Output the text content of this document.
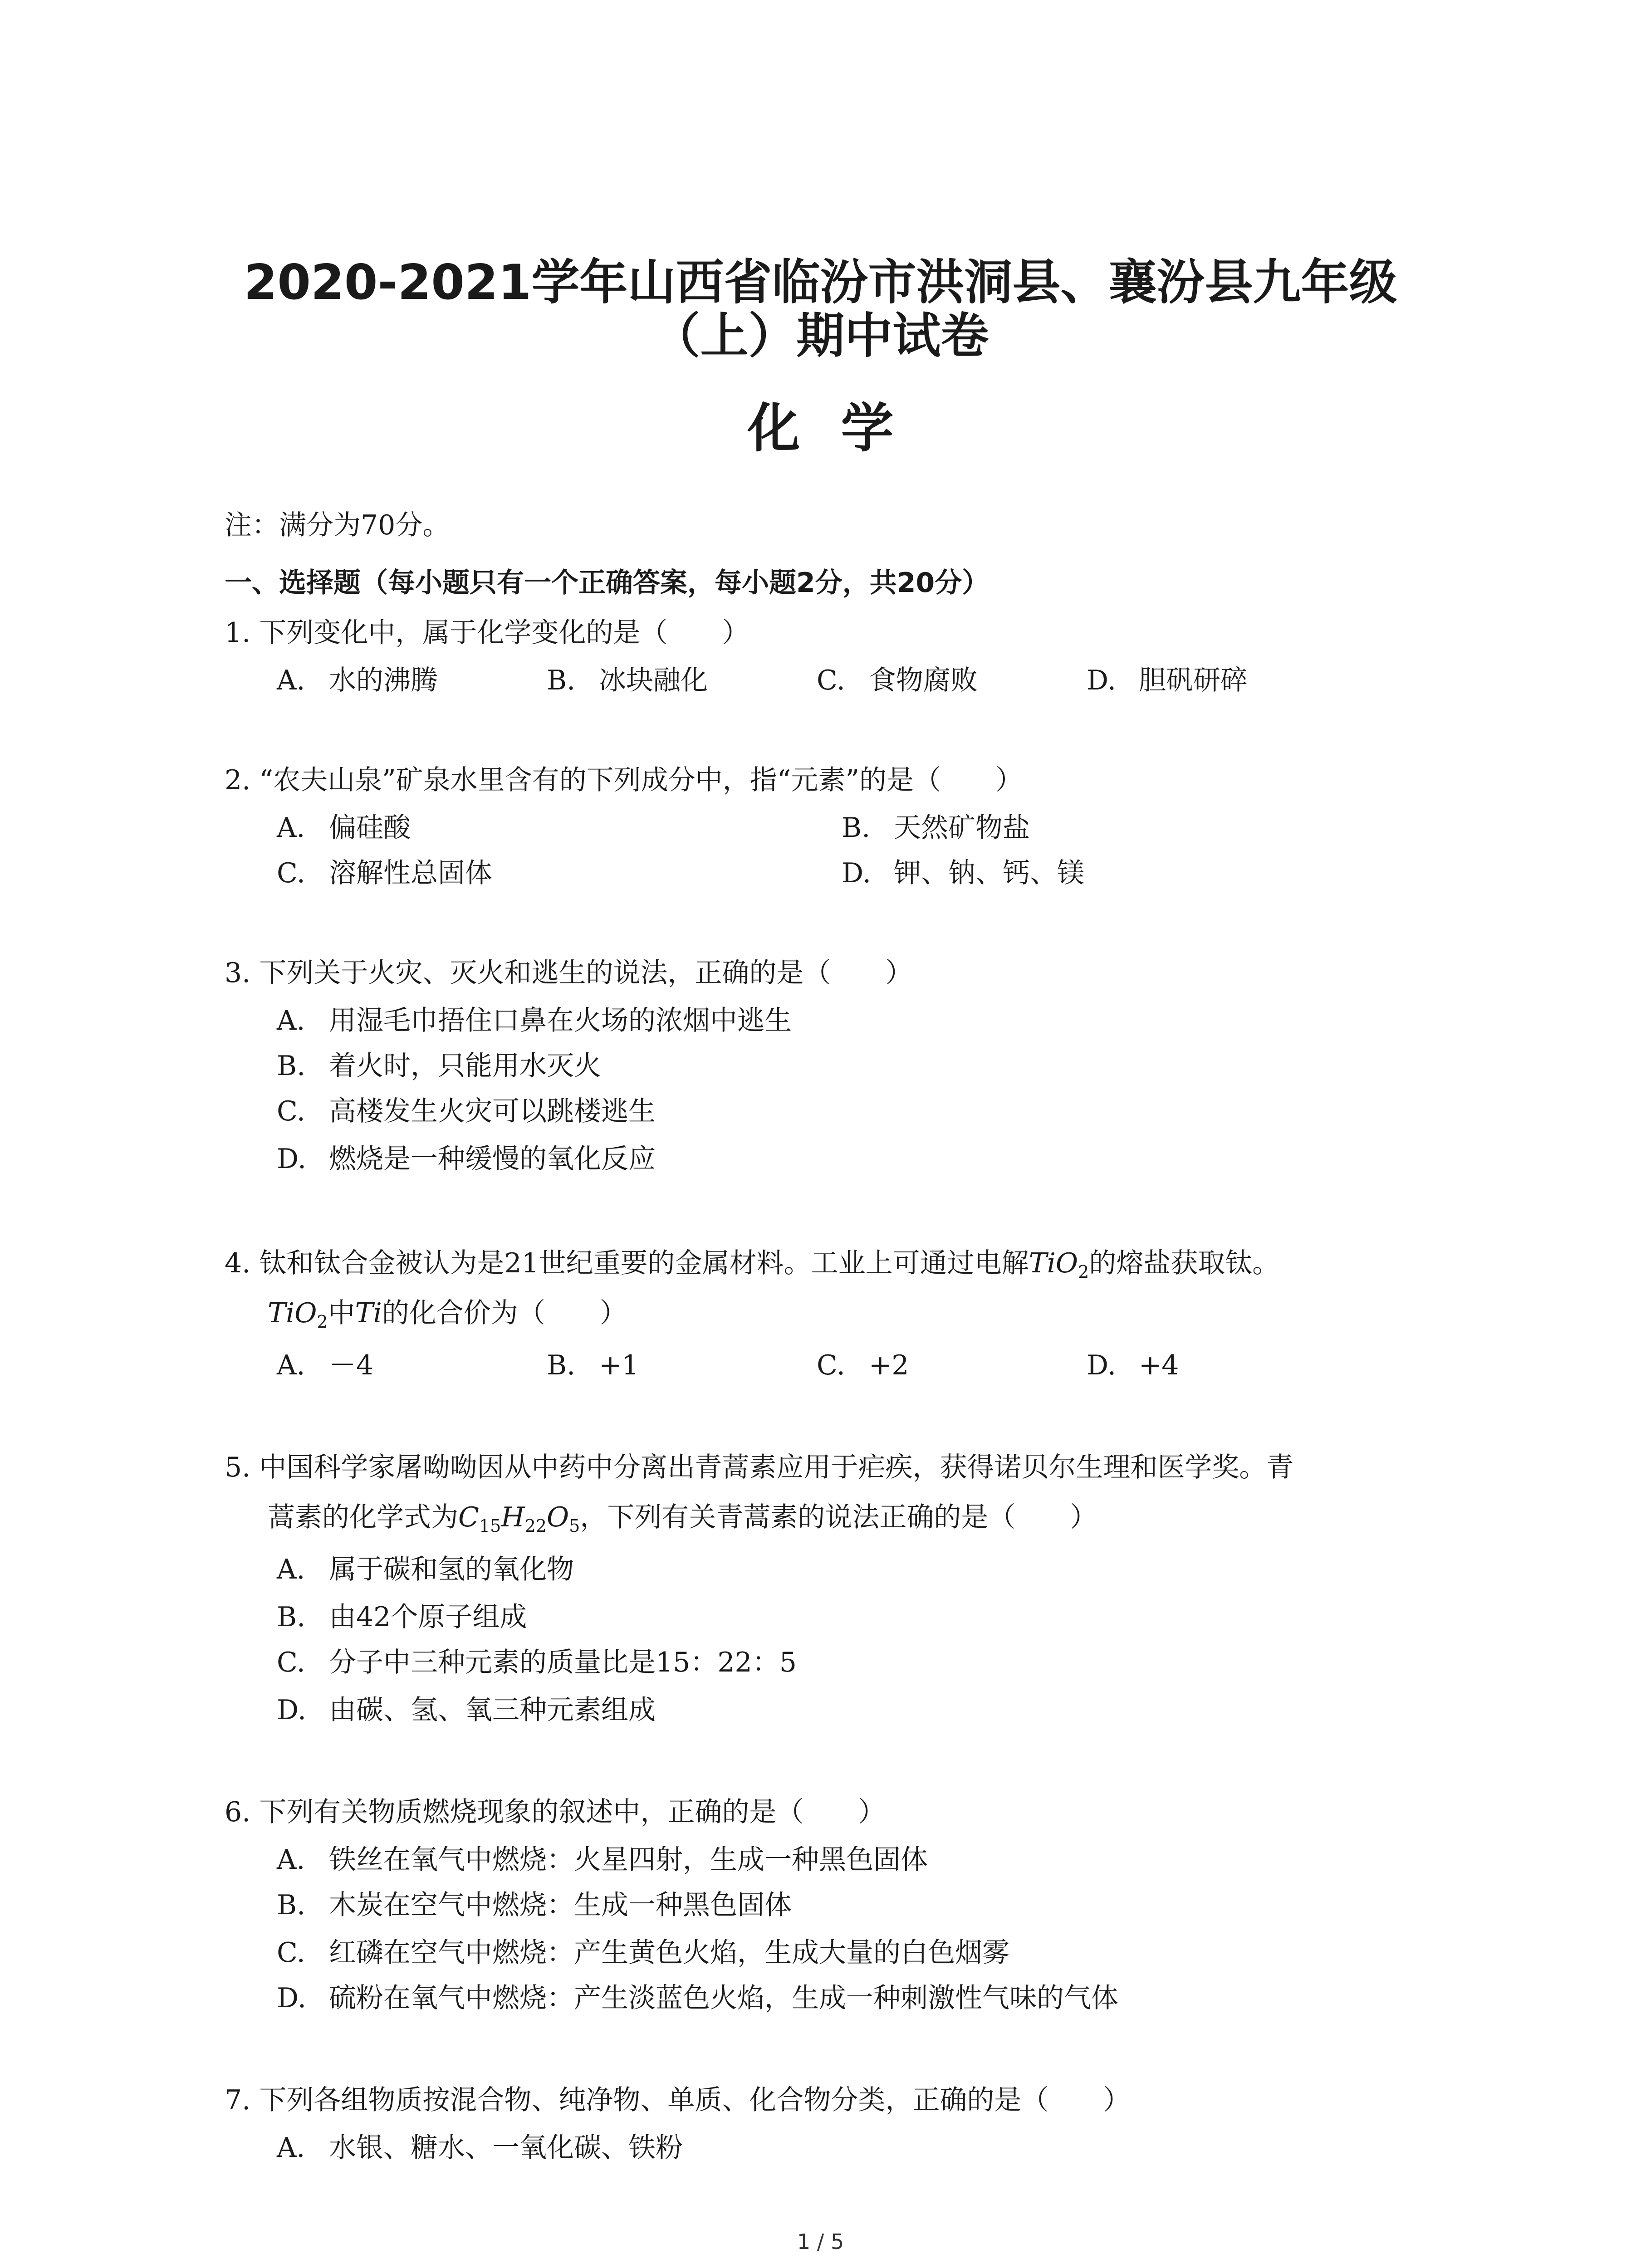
2020-2021学年山西省临汾市洪洞县、襄汾县九年级
（上）期中试卷
化学
注：满分为70分。
一、选择题（每小题只有一个正确答案，每小题2分，共20分）
1. 下列变化中，属于化学变化的是（　　）
A. 水的沸腾	B. 冰块融化	C. 食物腐败	D. 胆矾研碎
2. “农夫山泉”矿泉水里含有的下列成分中，指“元素”的是（　　）
A. 偏硅酸	B. 天然矿物盐
C. 溶解性总固体	D. 钾、钠、钙、镁
3. 下列关于火灾、灭火和逃生的说法，正确的是（　　）
A. 用湿毛巾捂住口鼻在火场的浓烟中逃生
B. 着火时，只能用水灭火
C. 高楼发生火灾可以跳楼逃生
D. 燃烧是一种缓慢的氧化反应
4. 钛和钛合金被认为是21世纪重要的金属材料。工业上可通过电解TiO$_2$的熔盐获取钛。
TiO$_2$中Ti的化合价为（　　）
A. －4	B. +1	C. +2	D. +4
5. 中国科学家屠呦呦因从中药中分离出青蒿素应用于疟疾，获得诺贝尔生理和医学奖。青
蒿素的化学式为$C_{15}H_{22}O_5$，下列有关青蒿素的说法正确的是（　　）
A. 属于碳和氢的氧化物
B. 由42个原子组成
C. 分子中三种元素的质量比是15：22：5
D. 由碳、氢、氧三种元素组成
6. 下列有关物质燃烧现象的叙述中，正确的是（　　）
A. 铁丝在氧气中燃烧：火星四射，生成一种黑色固体
B. 木炭在空气中燃烧：生成一种黑色固体
C. 红磷在空气中燃烧：产生黄色火焰，生成大量的白色烟雾
D. 硫粉在氧气中燃烧：产生淡蓝色火焰，生成一种刺激性气味的气体
7. 下列各组物质按混合物、纯净物、单质、化合物分类，正确的是（　　）
A. 水银、糖水、一氧化碳、铁粉
1 / 5
